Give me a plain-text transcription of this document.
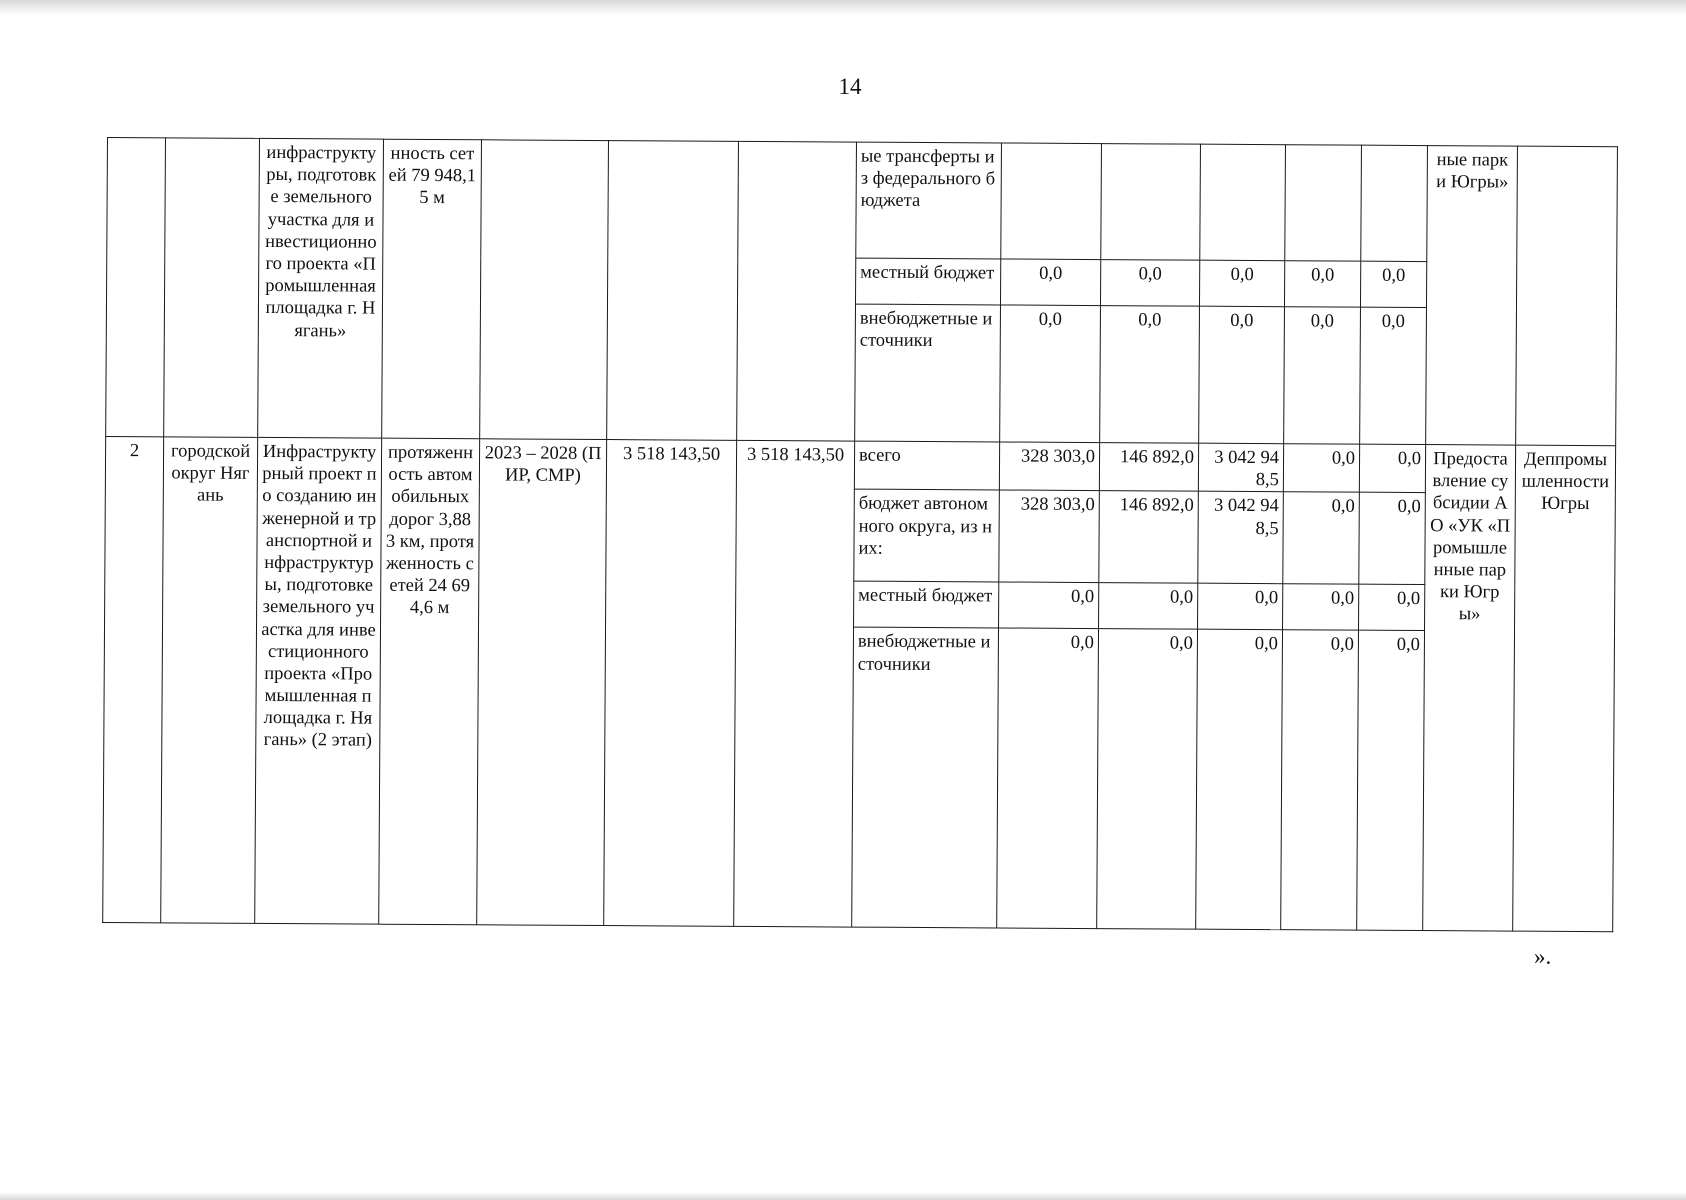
14
		инфраструктуры, подготовке земельного участка для инвестиционного проекта «Промышленная площадка г. Нягань»	нность сетей 79 948,15 м				ые трансферты из федерального бюджета						ные парки Югры»	
							местный бюджет	0,0	0,0	0,0	0,0	0,0		
							внебюджетные источники	0,0	0,0	0,0	0,0	0,0		
2	городской округ Нягань	Инфраструктурный проект по созданию инженерной и транспортной инфраструктуры, подготовке земельного участка для инвестиционного проекта «Промышленная площадка г. Нягань» (2 этап)	протяженность автомобильных дорог 3,883 км, протяженность сетей 24 694,6 м	2023 – 2028 (ПИР, СМР)	3 518 143,50	3 518 143,50	всего	328 303,0	146 892,0	3 042 948,5	0,0	0,0	Предоставление субсидии АО «УК «Промышленные парки Югры»	Деппромышленности Югры
							бюджет автономного округа, из них:	328 303,0	146 892,0	3 042 948,5	0,0	0,0		
							местный бюджет	0,0	0,0	0,0	0,0	0,0		
							внебюджетные источники	0,0	0,0	0,0	0,0	0,0		
».
